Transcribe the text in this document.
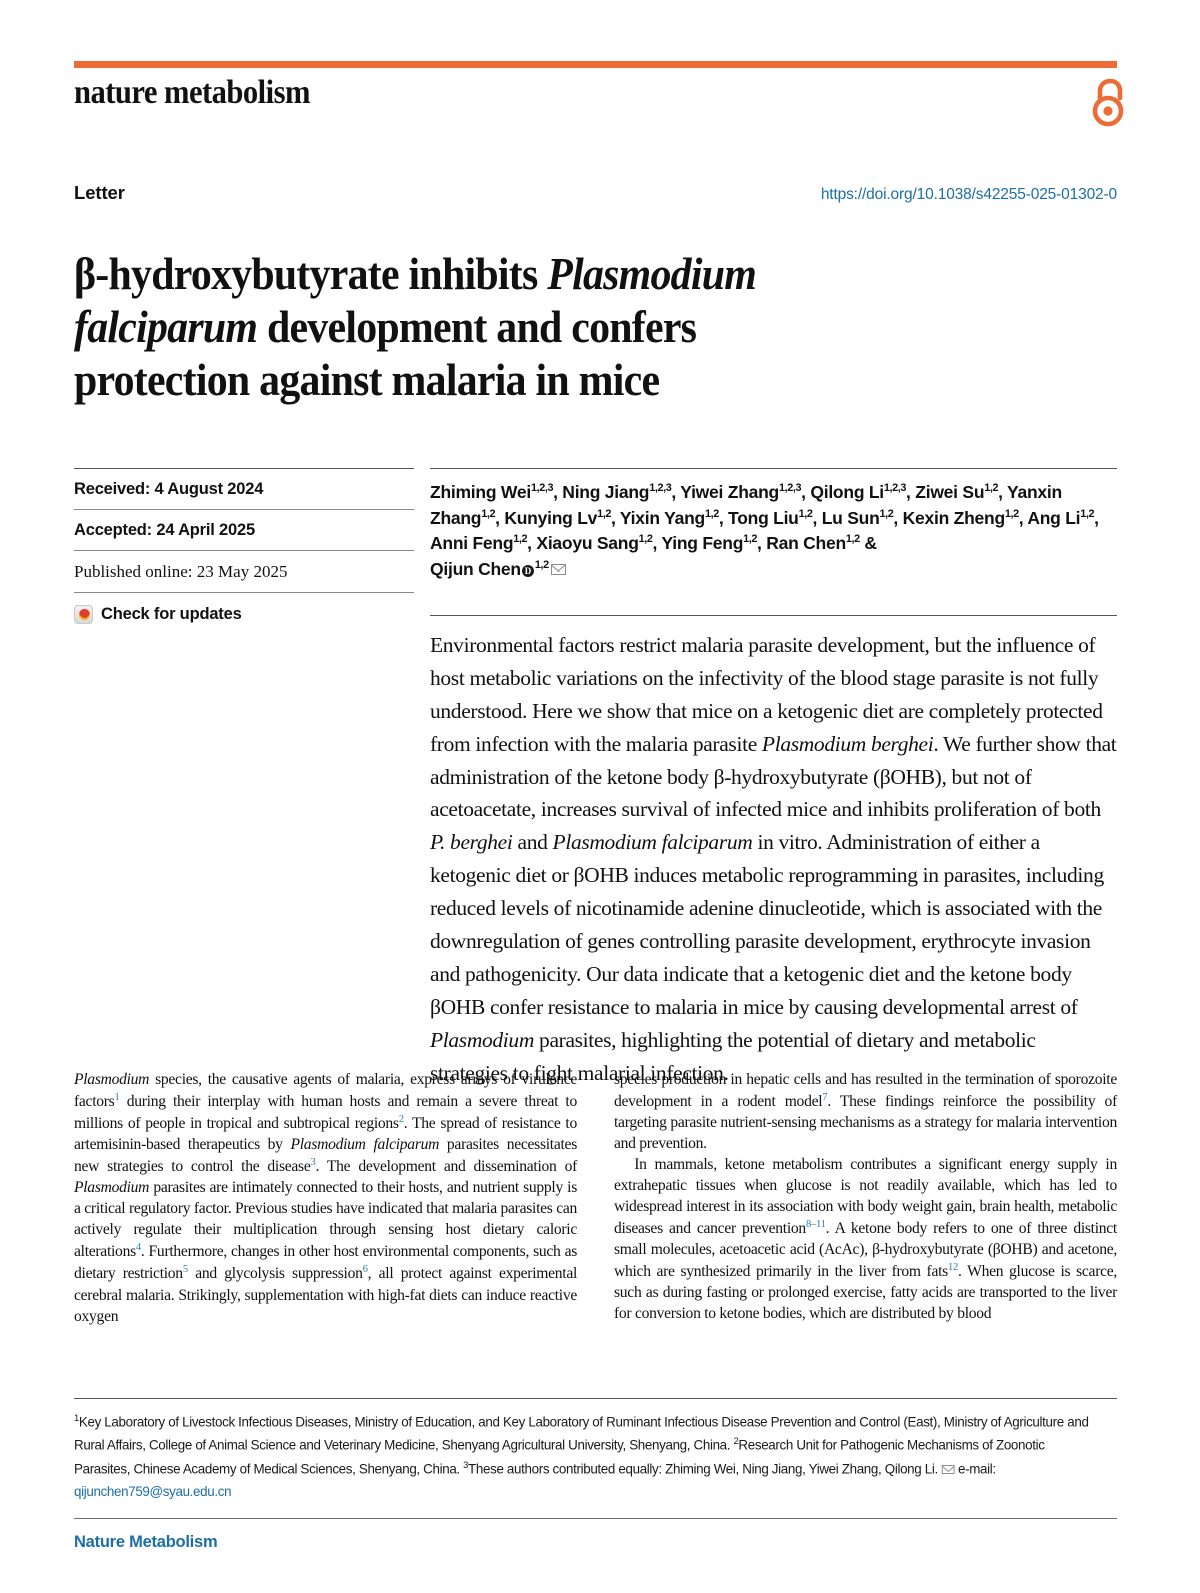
nature metabolism
Letter	https://doi.org/10.1038/s42255-025-01302-0
β-hydroxybutyrate inhibits Plasmodium
falciparum development and confers
protection against malaria in mice
Received: 4 August 2024
Accepted: 24 April 2025
Published online: 23 May 2025
Check for updates
Zhiming Wei$^{1,2,3}$, Ning Jiang$^{1,2,3}$, Yiwei Zhang$^{1,2,3}$, Qilong Li$^{1,2,3}$, Ziwei Su$^{1,2}$, Yanxin Zhang$^{1,2}$, Kunying Lv$^{1,2}$, Yixin Yang$^{1,2}$, Tong Liu$^{1,2}$, Lu Sun$^{1,2}$, Kexin Zheng$^{1,2}$, Ang Li$^{1,2}$, Anni Feng$^{1,2}$, Xiaoyu Sang$^{1,2}$, Ying Feng$^{1,2}$, Ran Chen$^{1,2}$ &
Qijun Chen D $^{1,2}$
Environmental factors restrict malaria parasite development, but the influence of host metabolic variations on the infectivity of the blood stage parasite is not fully understood. Here we show that mice on a ketogenic diet are completely protected from infection with the malaria parasite Plasmodium berghei. We further show that administration of the ketone body β-hydroxybutyrate (βOHB), but not of acetoacetate, increases survival of infected mice and inhibits proliferation of both P. berghei and Plasmodium falciparum in vitro. Administration of either a ketogenic diet or βOHB induces metabolic reprogramming in parasites, including reduced levels of nicotinamide adenine dinucleotide, which is associated with the downregulation of genes controlling parasite development, erythrocyte invasion and pathogenicity. Our data indicate that a ketogenic diet and the ketone body βOHB confer resistance to malaria in mice by causing developmental arrest of Plasmodium parasites, highlighting the potential of dietary and metabolic strategies to fight malarial infection.

Plasmodium species, the causative agents of malaria, express arrays of virulence factors$^1$ during their interplay with human hosts and remain a severe threat to millions of people in tropical and subtropical regions$^2$. The spread of resistance to artemisinin-based therapeutics by Plasmodium falciparum parasites necessitates new strategies to control the disease$^3$. The development and dissemination of Plasmodium parasites are intimately connected to their hosts, and nutrient supply is a critical regulatory factor. Previous studies have indicated that malaria parasites can actively regulate their multiplication through sensing host dietary caloric alterations$^4$. Furthermore, changes in other host environmental components, such as dietary restriction$^5$ and glycolysis suppression$^6$, all protect against experimental cerebral malaria. Strikingly, supplementation with high-fat diets can induce reactive oxygen

species production in hepatic cells and has resulted in the termination of sporozoite development in a rodent model$^7$. These findings reinforce the possibility of targeting parasite nutrient-sensing mechanisms as a strategy for malaria intervention and prevention.

In mammals, ketone metabolism contributes a significant energy supply in extrahepatic tissues when glucose is not readily available, which has led to widespread interest in its association with body weight gain, brain health, metabolic diseases and cancer prevention$^{8-11}$. A ketone body refers to one of three distinct small molecules, acetoacetic acid (AcAc), β-hydroxybutyrate (βOHB) and acetone, which are synthesized primarily in the liver from fats$^{12}$. When glucose is scarce, such as during fasting or prolonged exercise, fatty acids are transported to the liver for conversion to ketone bodies, which are distributed by blood

$^1$Key Laboratory of Livestock Infectious Diseases, Ministry of Education, and Key Laboratory of Ruminant Infectious Disease Prevention and Control (East), Ministry of Agriculture and Rural Affairs, College of Animal Science and Veterinary Medicine, Shenyang Agricultural University, Shenyang, China. $^2$Research Unit for Pathogenic Mechanisms of Zoonotic Parasites, Chinese Academy of Medical Sciences, Shenyang, China. $^3$These authors contributed equally: Zhiming Wei, Ning Jiang, Yiwei Zhang, Qilong Li. e-mail: qijunchen759@syau.edu.cn
Nature Metabolism
